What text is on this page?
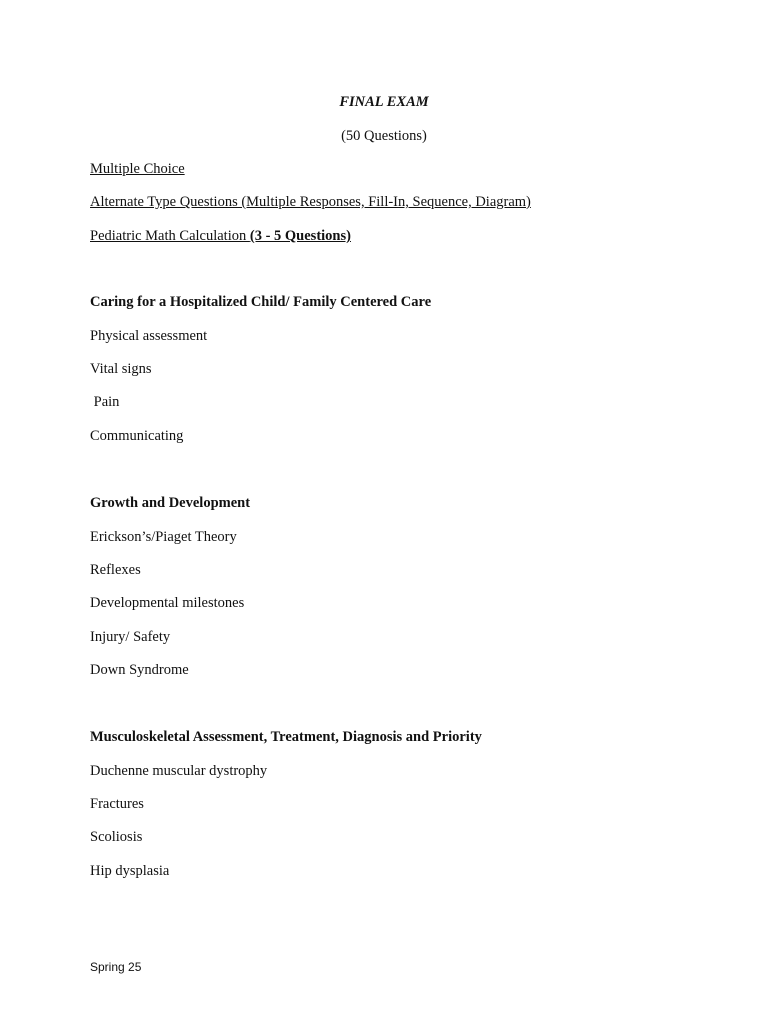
FINAL EXAM
(50 Questions)
Multiple Choice
Alternate Type Questions (Multiple Responses, Fill-In, Sequence, Diagram)
Pediatric Math Calculation (3 - 5 Questions)
Caring for a Hospitalized Child/ Family Centered Care
Physical assessment
Vital signs
Pain
Communicating
Growth and Development
Erickson’s/Piaget Theory
Reflexes
Developmental milestones
Injury/ Safety
Down Syndrome
Musculoskeletal Assessment, Treatment, Diagnosis and Priority
Duchenne muscular dystrophy
Fractures
Scoliosis
Hip dysplasia
Spring 25
